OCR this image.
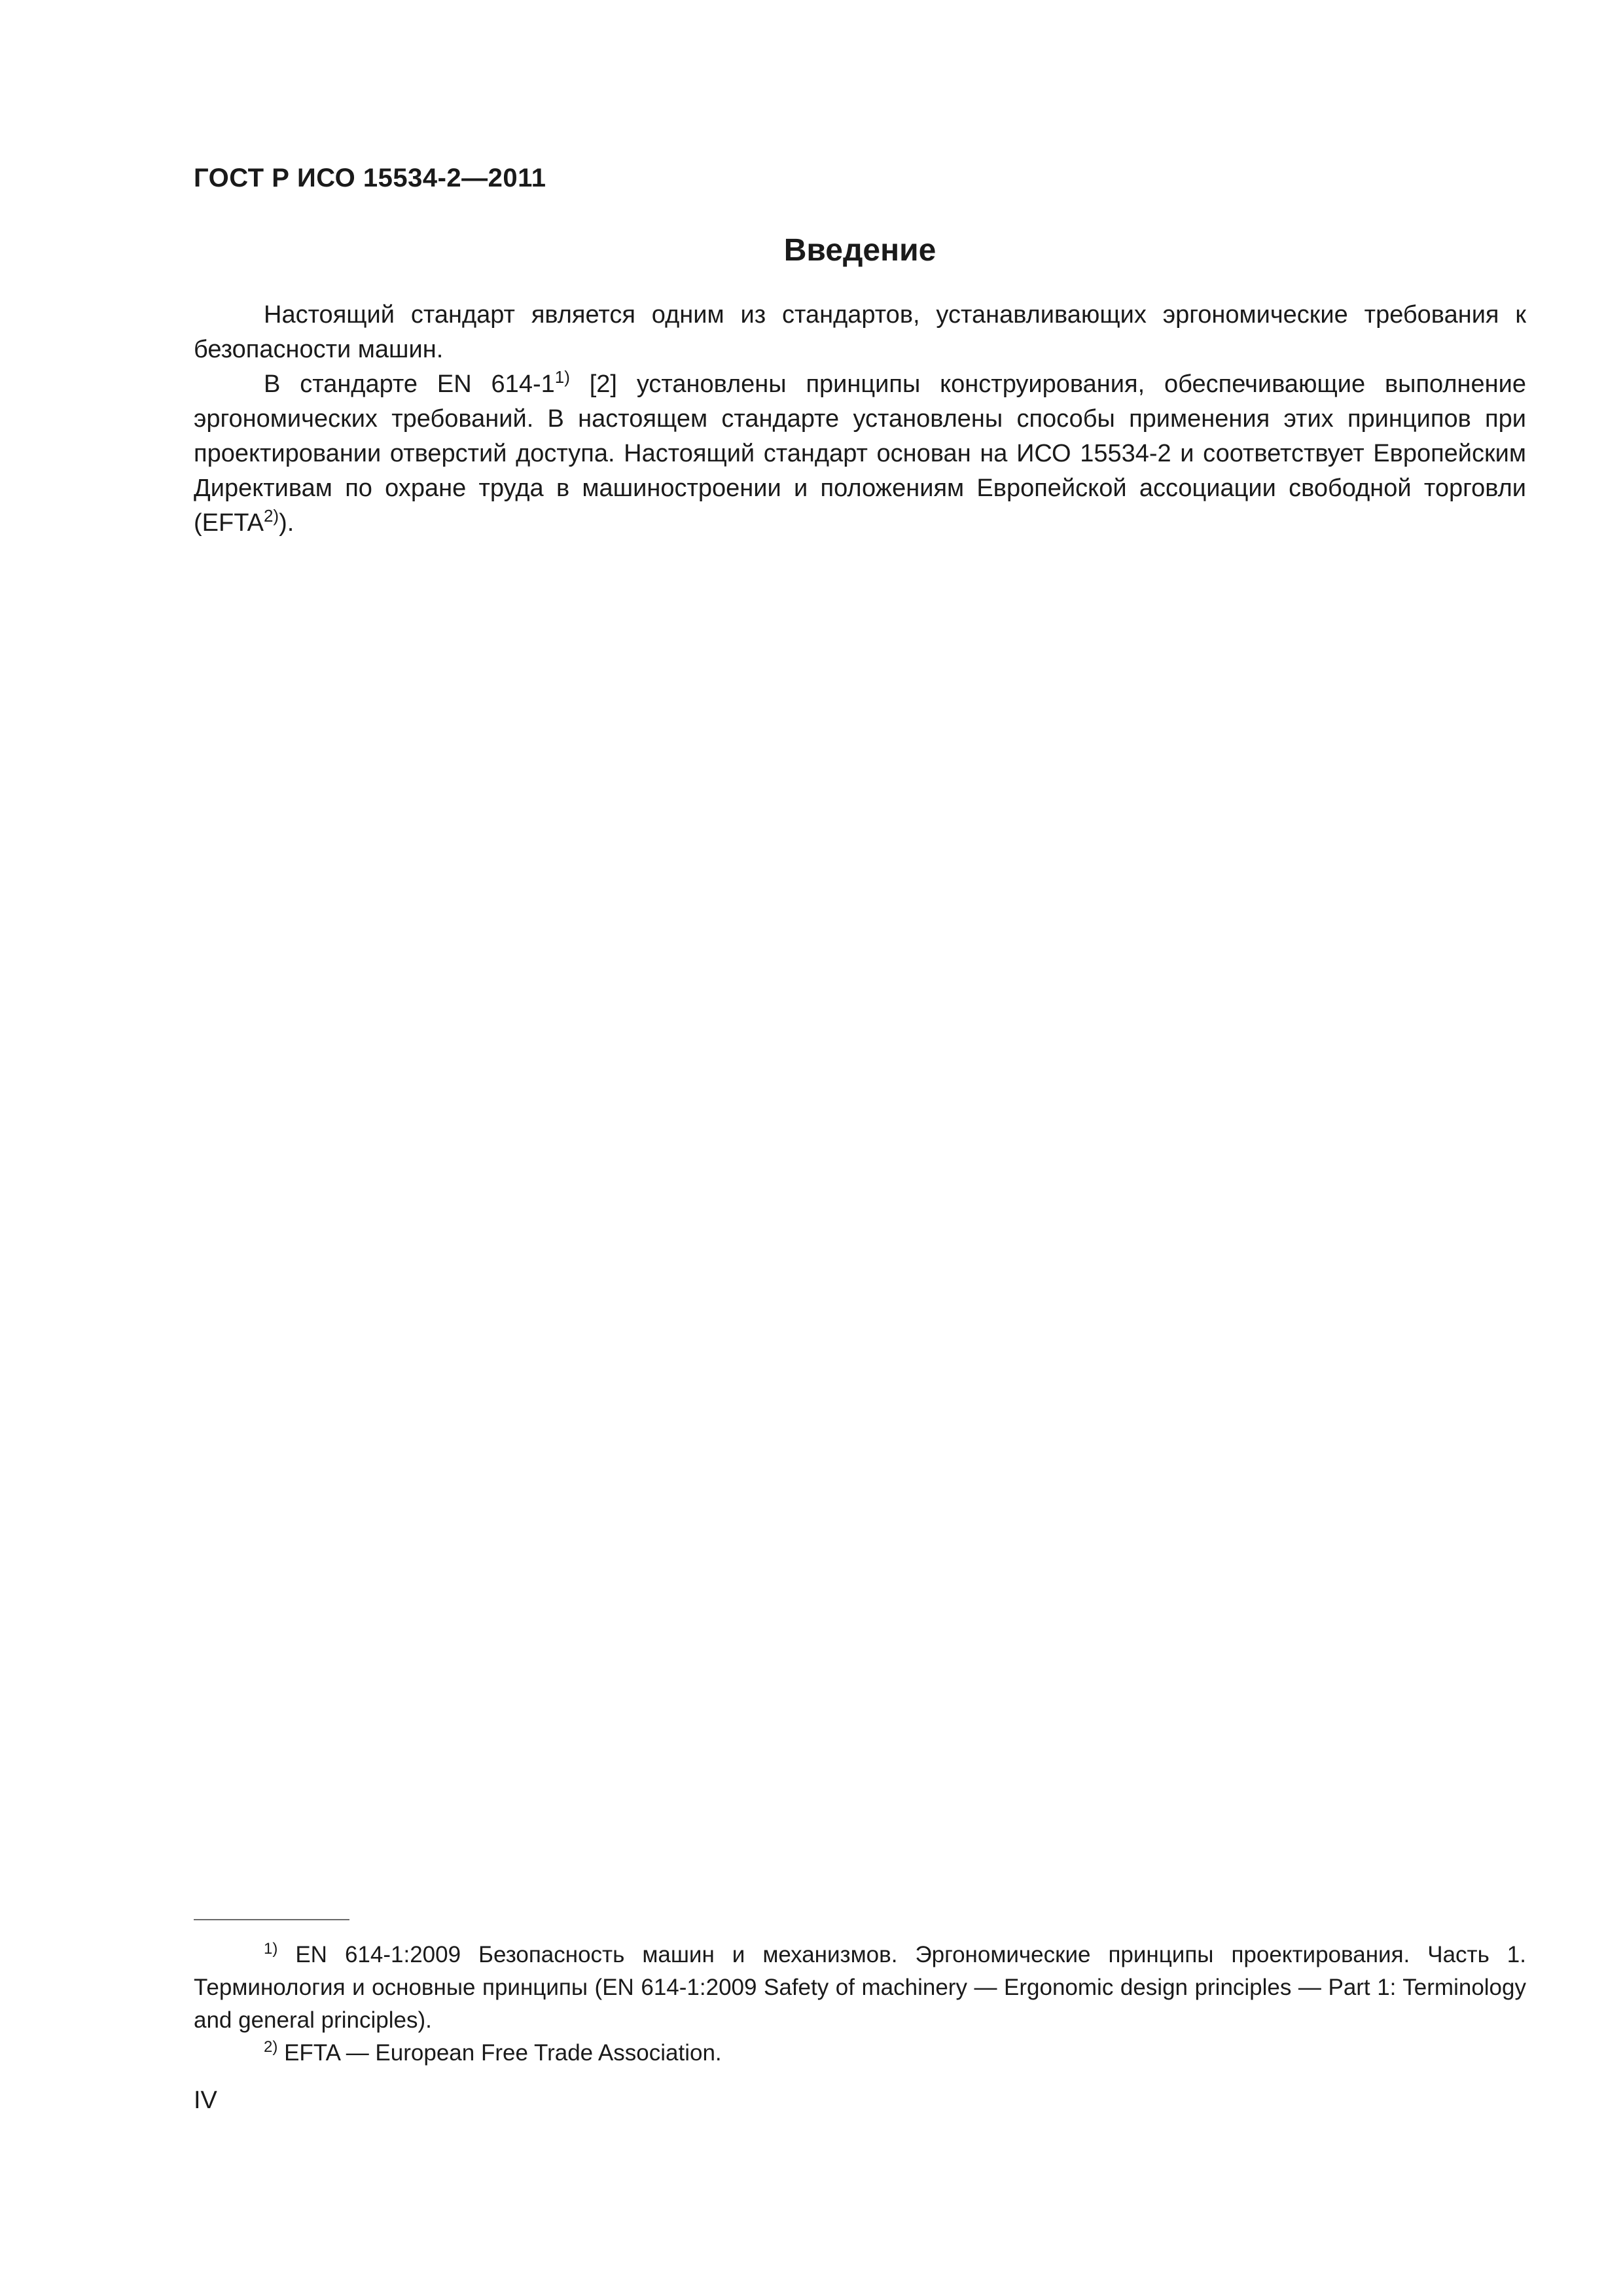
ГОСТ Р ИСО 15534-2—2011
Введение

Настоящий стандарт является одним из стандартов, устанавливающих эргономические требования к безопасности машин.

В стандарте EN 614-1$^{1)}$ [2] установлены принципы конструирования, обеспечивающие выполнение эргономических требований. В настоящем стандарте установлены способы применения этих принципов при проектировании отверстий доступа. Настоящий стандарт основан на ИСО 15534-2 и соответствует Европейским Директивам по охране труда в машиностроении и положениям Европейской ассоциации свободной торговли (EFTA$^{2)}$).

$^{1)}$ EN 614-1:2009 Безопасность машин и механизмов. Эргономические принципы проектирования. Часть 1. Терминология и основные принципы (EN 614-1:2009 Safety of machinery — Ergonomic design principles — Part 1: Terminology and general principles).

$^{2)}$ EFTA — European Free Trade Association.

IV
